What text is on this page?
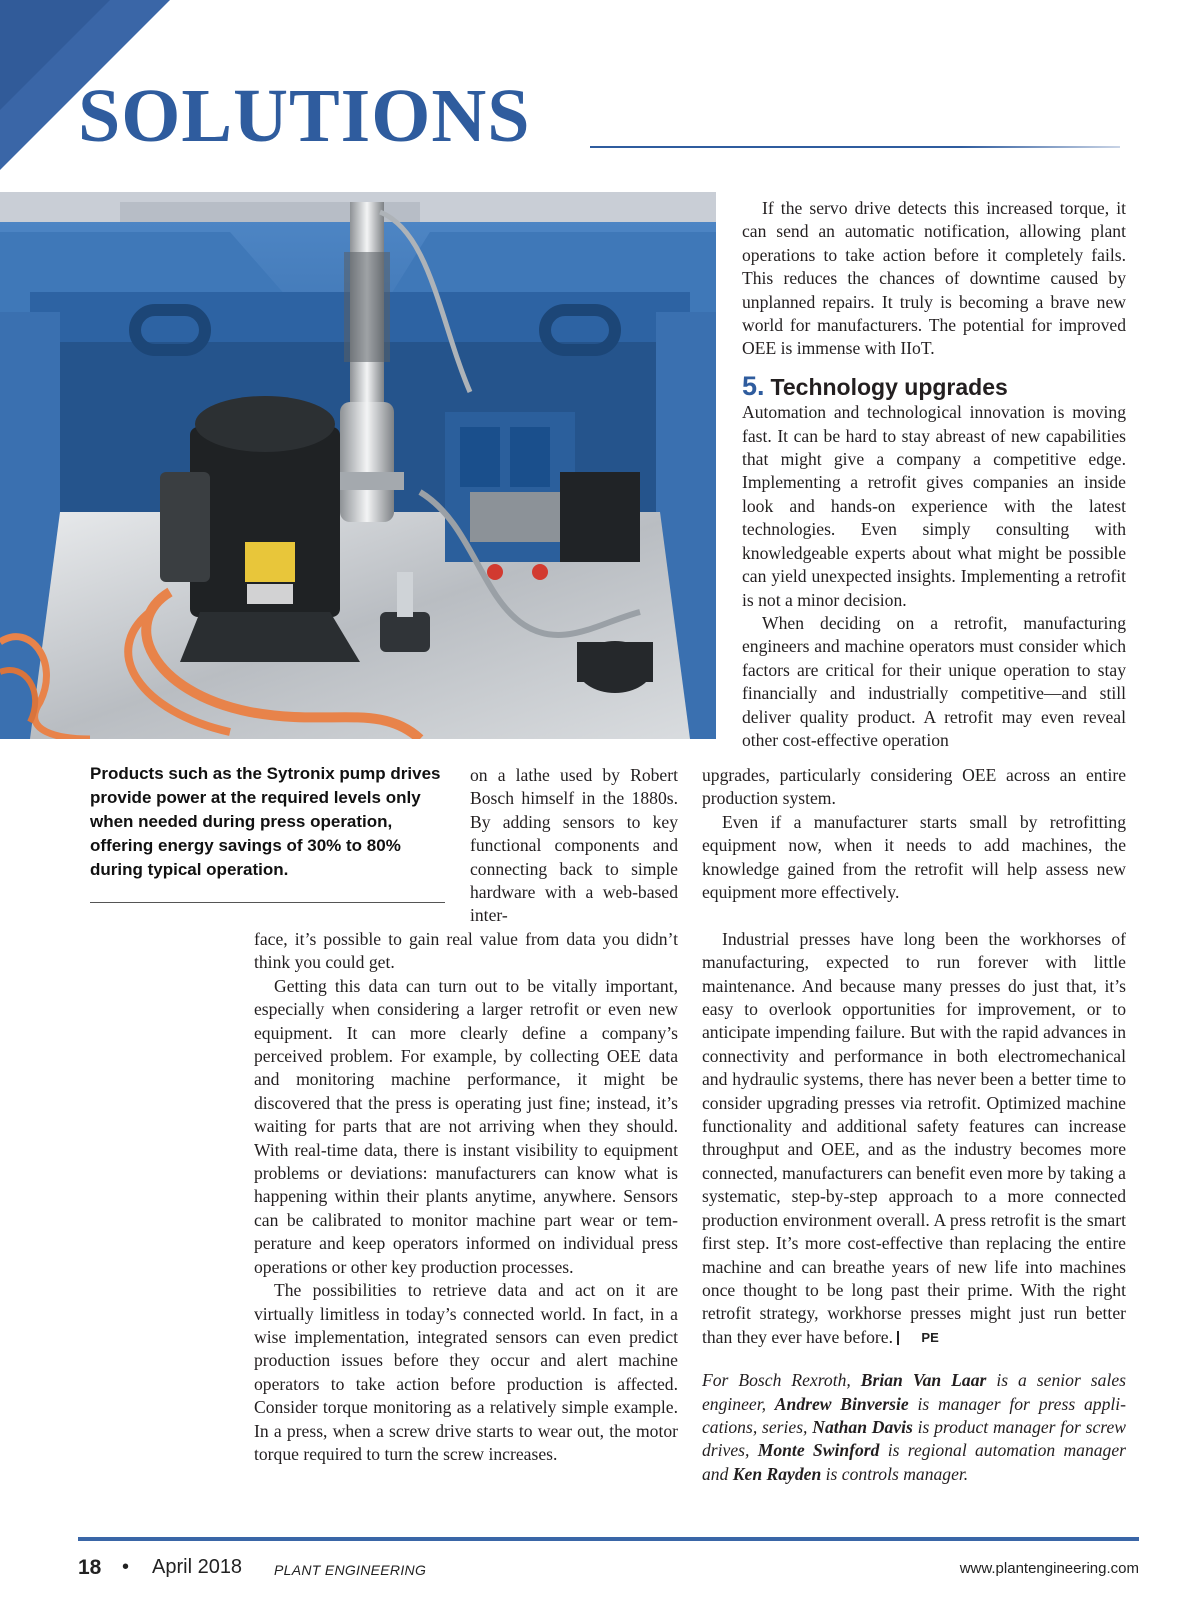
SOLUTIONS
Products such as the Sytronix pump drives provide power at the required levels only when needed during press operation, offering energy savings of 30% to 80% during typical operation.

on a lathe used by Robert Bosch himself in the 1880s. By adding sensors to key functional components and connecting back to simple hardware with a web-based inter-

face, it’s possible to gain real value from data you didn’t think you could get.

Getting this data can turn out to be vitally important, especially when considering a larger retrofit or even new equipment. It can more clearly define a company’s perceived problem. For example, by collecting OEE data and monitoring machine performance, it might be discovered that the press is operating just fine; instead, it’s waiting for parts that are not arriving when they should. With real-time data, there is instant visibility to equipment problems or deviations: manufacturers can know what is happening within their plants anytime, anywhere. Sensors can be calibrated to monitor machine part wear or temperature and keep operators informed on individual press operations or other key production processes.

The possibilities to retrieve data and act on it are virtually limitless in today’s connected world. In fact, in a wise implementation, integrated sensors can even predict production issues before they occur and alert machine operators to take action before production is affected. Consider torque monitoring as a relatively simple example. In a press, when a screw drive starts to wear out, the motor torque required to turn the screw increases.

If the servo drive detects this increased torque, it can send an automatic notification, allowing plant operations to take action before it completely fails. This reduces the chances of downtime caused by unplanned repairs. It truly is becoming a brave new world for manufacturers. The potential for improved OEE is immense with IIoT.

5. Technology upgrades

Automation and technological innovation is moving fast. It can be hard to stay abreast of new capabilities that might give a company a competitive edge. Implementing a retrofit gives companies an inside look and hands-on experience with the latest technologies. Even simply consulting with knowledgeable experts about what might be possible can yield unexpected insights. Implementing a retrofit is not a minor decision.

When deciding on a retrofit, manufacturing engineers and machine operators must consider which factors are critical for their unique operation to stay financially and industrially competitive—and still deliver quality product. A retrofit may even reveal other cost-effective operation

upgrades, particularly considering OEE across an entire production system.

Even if a manufacturer starts small by retrofitting equipment now, when it needs to add machines, the knowledge gained from the retrofit will help assess new equipment more effectively.

Industrial presses have long been the workhorses of manufacturing, expected to run forever with little maintenance. And because many presses do just that, it’s easy to overlook opportunities for improvement, or to anticipate impending failure. But with the rapid advances in connectivity and performance in both electromechanical and hydraulic systems, there has never been a better time to consider upgrading presses via retrofit. Optimized machine functionality and additional safety features can increase throughput and OEE, and as the industry becomes more connected, manufacturers can benefit even more by taking a systematic, step-by-step approach to a more connected production environment overall. A press retrofit is the smart first step. It’s more cost-effective than replacing the entire machine and can breathe years of new life into machines once thought to be long past their prime. With the right retrofit strategy, workhorse presses might just run better than they ever have before. PE

For Bosch Rexroth, Brian Van Laar is a senior sales engineer, Andrew Binversie is manager for press applications, series, Nathan Davis is product manager for screw drives, Monte Swinford is regional automation manager and Ken Rayden is controls manager.

18 • April 2018 PLANT ENGINEERING	www.plantengineering.com
